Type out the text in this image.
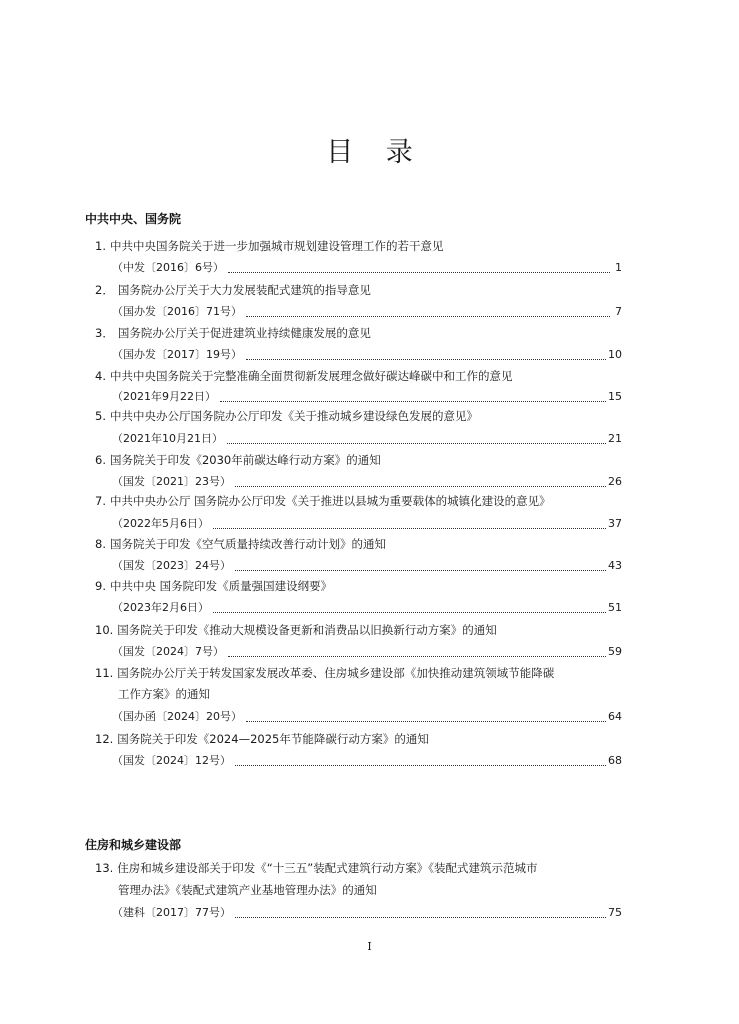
目 录
中共中央、国务院
1. 中共中央国务院关于进一步加强城市规划建设管理工作的若干意见
（中发〔2016〕6号）	1
2． 国务院办公厅关于大力发展装配式建筑的指导意见
（国办发〔2016〕71号）	7
3． 国务院办公厅关于促进建筑业持续健康发展的意见
（国办发〔2017〕19号）	10
4. 中共中央国务院关于完整准确全面贯彻新发展理念做好碳达峰碳中和工作的意见
（2021年9月22日）	15
5. 中共中央办公厅国务院办公厅印发《关于推动城乡建设绿色发展的意见》
（2021年10月21日）	21
6. 国务院关于印发《2030年前碳达峰行动方案》的通知
（国发〔2021〕23号）	26
7. 中共中央办公厅 国务院办公厅印发《关于推进以县城为重要载体的城镇化建设的意见》
（2022年5月6日）	37
8. 国务院关于印发《空气质量持续改善行动计划》的通知
（国发〔2023〕24号）	43
9. 中共中央 国务院印发《质量强国建设纲要》
（2023年2月6日）	51
10. 国务院关于印发《推动大规模设备更新和消费品以旧换新行动方案》的通知
（国发〔2024〕7号）	59
11. 国务院办公厅关于转发国家发展改革委、住房城乡建设部《加快推动建筑领域节能降碳
工作方案》的通知
（国办函〔2024〕20号）	64
12. 国务院关于印发《2024—2025年节能降碳行动方案》的通知
（国发〔2024〕12号）	68
住房和城乡建设部
13. 住房和城乡建设部关于印发《“十三五”装配式建筑行动方案》《装配式建筑示范城市
管理办法》《装配式建筑产业基地管理办法》的通知
（建科〔2017〕77号）	75
I
